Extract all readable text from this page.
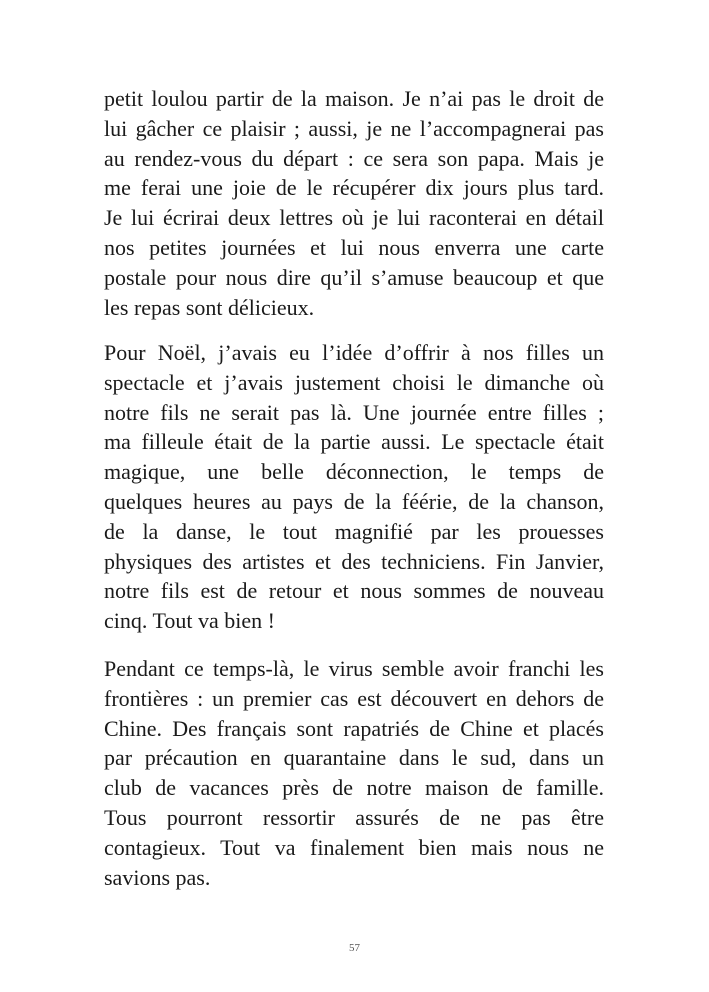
petit loulou partir de la maison. Je n’ai pas le droit de
lui gâcher ce plaisir ; aussi, je ne l’accompagnerai pas
au rendez-vous du départ : ce sera son papa. Mais je
me ferai une joie de le récupérer dix jours plus tard.
Je lui écrirai deux lettres où je lui raconterai en détail
nos petites journées et lui nous enverra une carte
postale pour nous dire qu’il s’amuse beaucoup et que
les repas sont délicieux.
Pour Noël, j’avais eu l’idée d’offrir à nos filles un
spectacle et j’avais justement choisi le dimanche où
notre fils ne serait pas là. Une journée entre filles ;
ma filleule était de la partie aussi. Le spectacle était
magique, une belle déconnection, le temps de
quelques heures au pays de la féérie, de la chanson,
de la danse, le tout magnifié par les prouesses
physiques des artistes et des techniciens. Fin Janvier,
notre fils est de retour et nous sommes de nouveau
cinq. Tout va bien !
Pendant ce temps-là, le virus semble avoir franchi les
frontières : un premier cas est découvert en dehors de
Chine. Des français sont rapatriés de Chine et placés
par précaution en quarantaine dans le sud, dans un
club de vacances près de notre maison de famille.
Tous pourront ressortir assurés de ne pas être
contagieux. Tout va finalement bien mais nous ne
savions pas.
57
